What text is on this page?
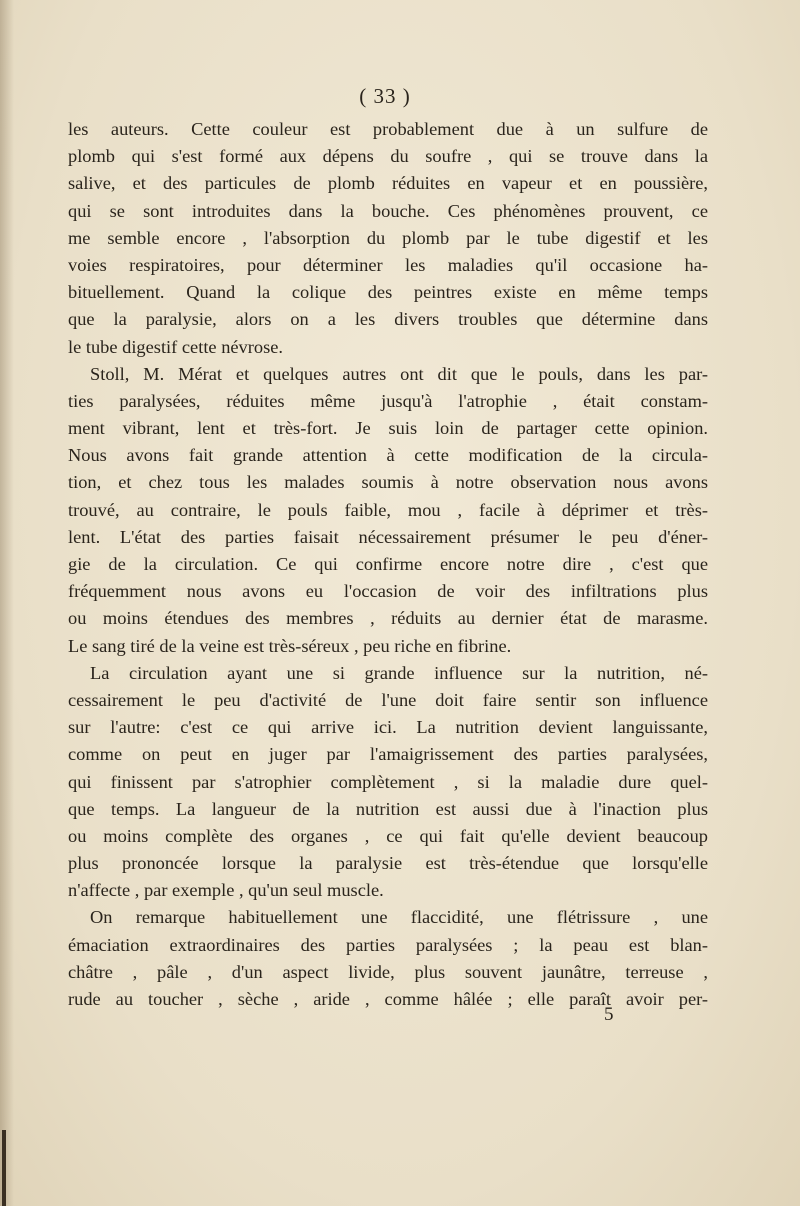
( 33 )
les auteurs. Cette couleur est probablement due à un sulfure de
plomb qui s'est formé aux dépens du soufre , qui se trouve dans la
salive, et des particules de plomb réduites en vapeur et en poussière,
qui se sont introduites dans la bouche. Ces phénomènes prouvent, ce
me semble encore , l'absorption du plomb par le tube digestif et les
voies respiratoires, pour déterminer les maladies qu'il occasione ha-
bituellement. Quand la colique des peintres existe en même temps
que la paralysie, alors on a les divers troubles que détermine dans
le tube digestif cette névrose.
Stoll, M. Mérat et quelques autres ont dit que le pouls, dans les par-
ties paralysées, réduites même jusqu'à l'atrophie , était constam-
ment vibrant, lent et très-fort. Je suis loin de partager cette opinion.
Nous avons fait grande attention à cette modification de la circula-
tion, et chez tous les malades soumis à notre observation nous avons
trouvé, au contraire, le pouls faible, mou , facile à déprimer et très-
lent. L'état des parties faisait nécessairement présumer le peu d'éner-
gie de la circulation. Ce qui confirme encore notre dire , c'est que
fréquemment nous avons eu l'occasion de voir des infiltrations plus
ou moins étendues des membres , réduits au dernier état de marasme.
Le sang tiré de la veine est très-séreux , peu riche en fibrine.
La circulation ayant une si grande influence sur la nutrition, né-
cessairement le peu d'activité de l'une doit faire sentir son influence
sur l'autre: c'est ce qui arrive ici. La nutrition devient languissante,
comme on peut en juger par l'amaigrissement des parties paralysées,
qui finissent par s'atrophier complètement , si la maladie dure quel-
que temps. La langueur de la nutrition est aussi due à l'inaction plus
ou moins complète des organes , ce qui fait qu'elle devient beaucoup
plus prononcée lorsque la paralysie est très-étendue que lorsqu'elle
n'affecte , par exemple , qu'un seul muscle.
On remarque habituellement une flaccidité, une flétrissure , une
émaciation extraordinaires des parties paralysées ; la peau est blan-
châtre , pâle , d'un aspect livide, plus souvent jaunâtre, terreuse ,
rude au toucher , sèche , aride , comme hâlée ; elle paraît avoir per-
5
